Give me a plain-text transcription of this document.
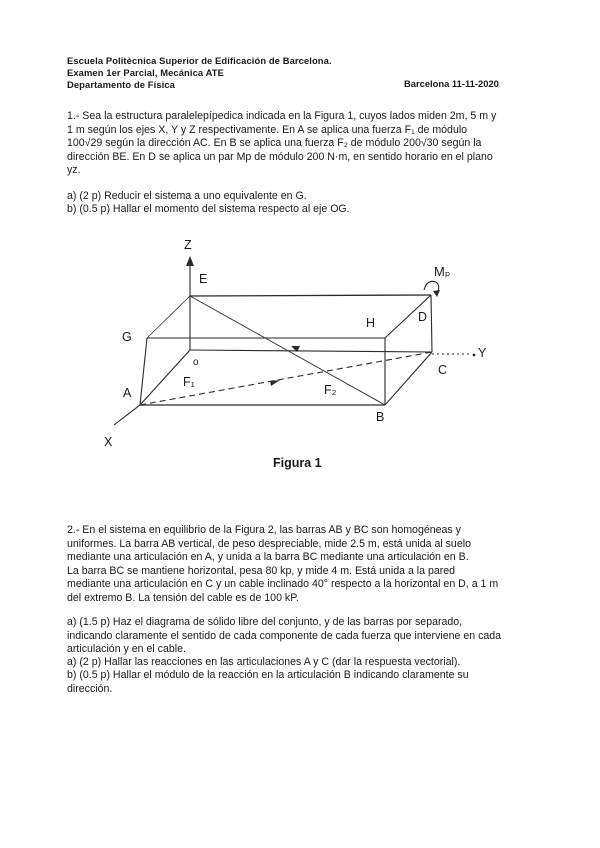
Escuela Politècnica Superior de Edificación de Barcelona.
Examen 1er Parcial, Mecánica ATE
Departamento de Física	Barcelona 11-11-2020
1.- Sea la estructura paralelepípedica indicada en la Figura 1, cuyos lados miden 2m, 5 m y
1 m según los ejes X, Y y Z respectivamente. En A se aplica una fuerza F₁ de módulo
100√29 según la dirección AC. En B se aplica una fuerza F₂ de módulo 200√30 según la
dirección BE. En D se aplica un par Mp de módulo 200 N·m, en sentido horario en el plano
yz.
a) (2 p) Reducir el sistema a uno equivalente en G.
b) (0.5 p) Hallar el momento del sistema respecto al eje OG.
Z
E	Mₚ
H	D
G
o
Y
C
A
F₁
F₂
B
X
Figura 1
2.- En el sistema en equilibrio de la Figura 2, las barras AB y BC son homogéneas y
uniformes. La barra AB vertical, de peso despreciable, mide 2.5 m, está unida al suelo
mediante una articulación en A, y unida a la barra BC mediante una articulación en B.
La barra BC se mantiene horizontal, pesa 80 kp, y mide 4 m. Está unida a la pared
mediante una articulación en C y un cable inclinado 40° respecto a la horizontal en D, a 1 m
del extremo B. La tensión del cable es de 100 kP.
a) (1.5 p) Haz el diagrama de sólido libre del conjunto, y de las barras por separado,
indicando claramente el sentido de cada componente de cada fuerza que interviene en cada
articulación y en el cable.
a) (2 p) Hallar las reacciones en las articulaciones A y C (dar la respuesta vectorial).
b) (0.5 p) Hallar el módulo de la reacción en la articulación B indicando claramente su
dirección.
